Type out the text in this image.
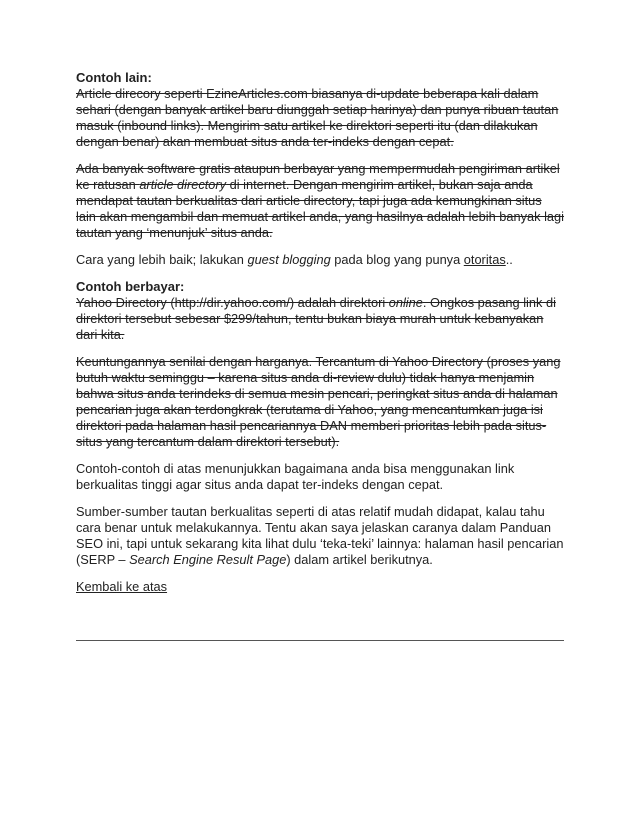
Contoh lain:

Article direcory seperti EzineArticles.com biasanya di-update beberapa kali dalam sehari (dengan banyak artikel baru diunggah setiap harinya) dan punya ribuan tautan masuk (inbound links). Mengirim satu artikel ke direktori seperti itu (dan dilakukan dengan benar) akan membuat situs anda ter-indeks dengan cepat.

Ada banyak software gratis ataupun berbayar yang mempermudah pengiriman artikel ke ratusan article directory di internet. Dengan mengirim artikel, bukan saja anda mendapat tautan berkualitas dari article directory, tapi juga ada kemungkinan situs lain akan mengambil dan memuat artikel anda, yang hasilnya adalah lebih banyak lagi tautan yang ‘menunjuk’ situs anda.

Cara yang lebih baik; lakukan guest blogging pada blog yang punya otoritas..

Contoh berbayar:

Yahoo Directory (http://dir.yahoo.com/) adalah direktori online. Ongkos pasang link di direktori tersebut sebesar $299/tahun, tentu bukan biaya murah untuk kebanyakan dari kita.

Keuntungannya senilai dengan harganya. Tercantum di Yahoo Directory (proses yang butuh waktu seminggu – karena situs anda di-review dulu) tidak hanya menjamin bahwa situs anda terindeks di semua mesin pencari, peringkat situs anda di halaman pencarian juga akan terdongkrak (terutama di Yahoo, yang mencantumkan juga isi direktori pada halaman hasil pencariannya DAN memberi prioritas lebih pada situs-situs yang tercantum dalam direktori tersebut).

Contoh-contoh di atas menunjukkan bagaimana anda bisa menggunakan link berkualitas tinggi agar situs anda dapat ter-indeks dengan cepat.

Sumber-sumber tautan berkualitas seperti di atas relatif mudah didapat, kalau tahu cara benar untuk melakukannya. Tentu akan saya jelaskan caranya dalam Panduan SEO ini, tapi untuk sekarang kita lihat dulu ‘teka-teki’ lainnya: halaman hasil pencarian (SERP – Search Engine Result Page) dalam artikel berikutnya.

Kembali ke atas
